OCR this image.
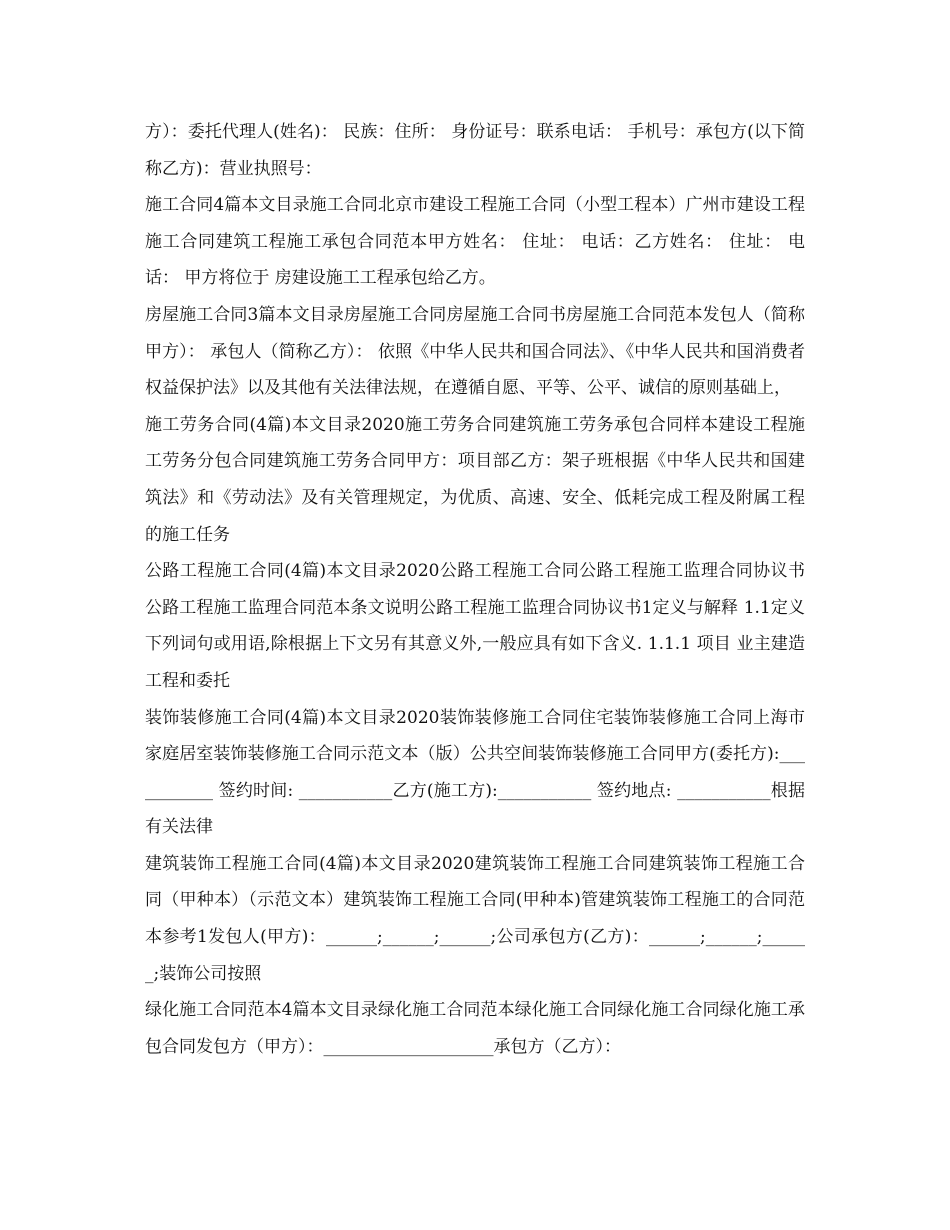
方）：委托代理人(姓名)： 民族：住所： 身份证号：联系电话： 手机号：承包方(以下简称乙方)：营业执照号：

施工合同4篇本文目录施工合同北京市建设工程施工合同（小型工程本）广州市建设工程施工合同建筑工程施工承包合同范本甲方姓名： 住址： 电话：乙方姓名： 住址： 电话： 甲方将位于 房建设施工工程承包给乙方。

房屋施工合同3篇本文目录房屋施工合同房屋施工合同书房屋施工合同范本发包人（简称甲方）： 承包人（简称乙方）： 依照《中华人民共和国合同法》、《中华人民共和国消费者权益保护法》以及其他有关法律法规，在遵循自愿、平等、公平、诚信的原则基础上，

施工劳务合同(4篇)本文目录2020施工劳务合同建筑施工劳务承包合同样本建设工程施工劳务分包合同建筑施工劳务合同甲方：项目部乙方：架子班根据《中华人民共和国建筑法》和《劳动法》及有关管理规定，为优质、高速、安全、低耗完成工程及附属工程的施工任务

公路工程施工合同(4篇)本文目录2020公路工程施工合同公路工程施工监理合同协议书公路工程施工监理合同范本条文说明公路工程施工监理合同协议书1定义与解释 1.1定义 下列词句或用语,除根据上下文另有其意义外,一般应具有如下含义. 1.1.1 项目 业主建造工程和委托

装饰装修施工合同(4篇)本文目录2020装饰装修施工合同住宅装饰装修施工合同上海市家庭居室装饰装修施工合同示范文本（版）公共空间装饰装修施工合同甲方(委托方):___________ 签约时间: ___________乙方(施工方):___________ 签约地点: ___________根据有关法律

建筑装饰工程施工合同(4篇)本文目录2020建筑装饰工程施工合同建筑装饰工程施工合同（甲种本）（示范文本）建筑装饰工程施工合同(甲种本)管建筑装饰工程施工的合同范本参考1发包人(甲方)：______;______;______;公司承包方(乙方)：______;______;______;装饰公司按照

绿化施工合同范本4篇本文目录绿化施工合同范本绿化施工合同绿化施工合同绿化施工承包合同发包方（甲方）：____________________承包方（乙方）：
